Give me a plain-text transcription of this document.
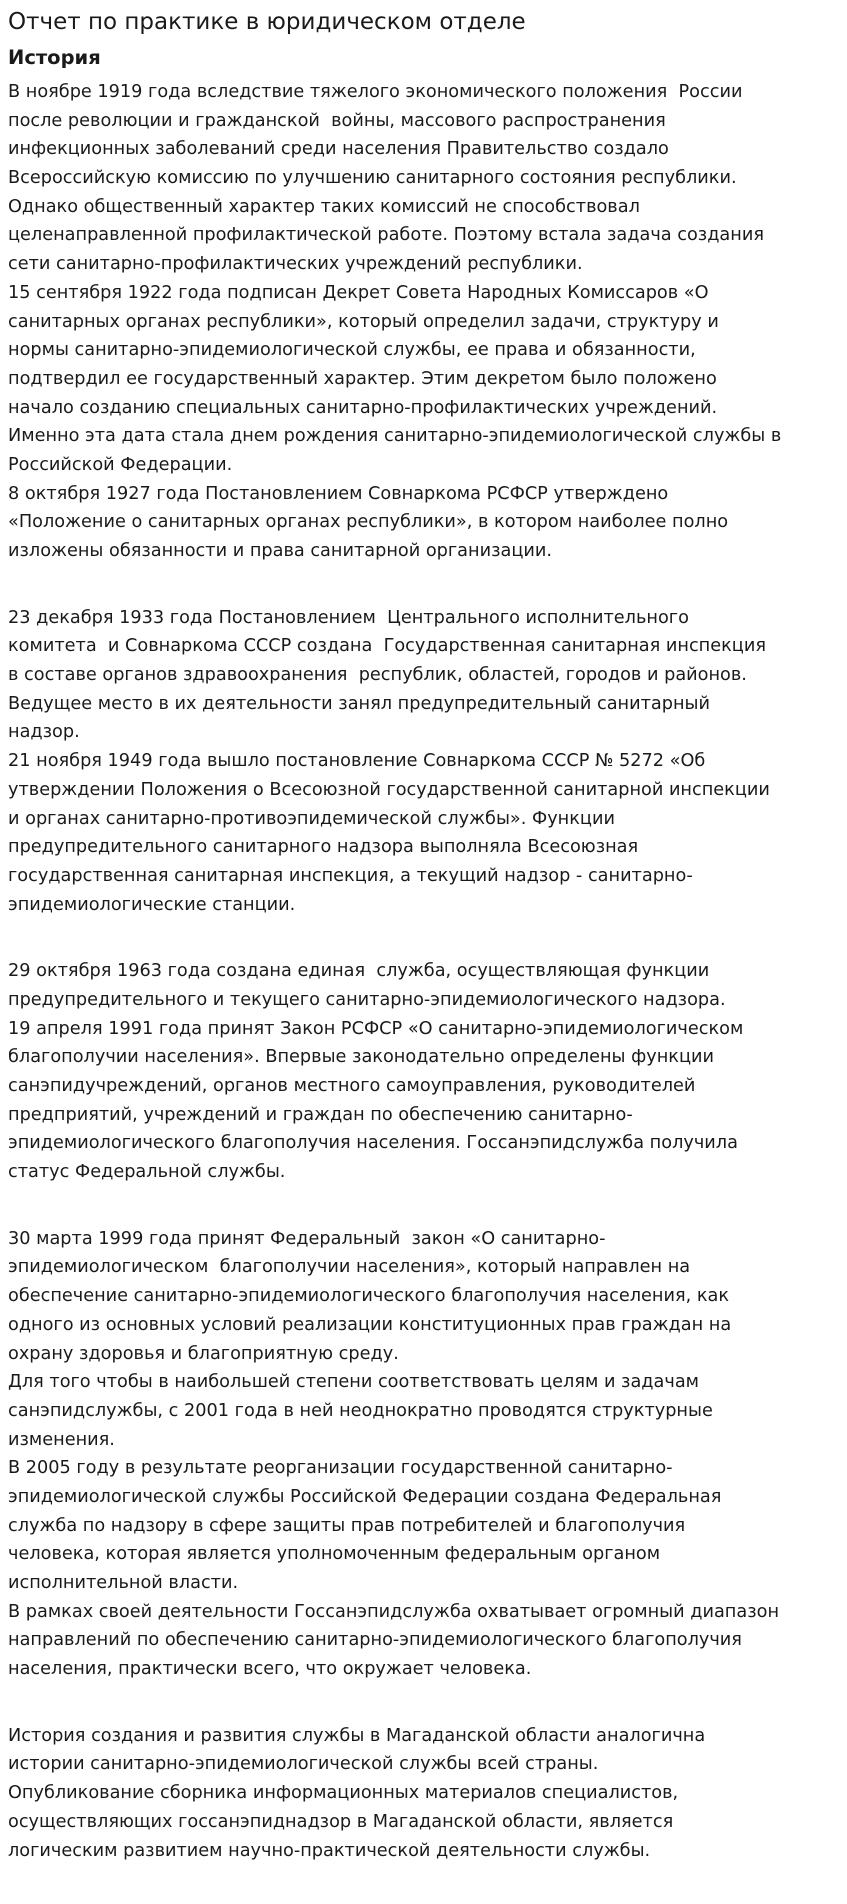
Отчет по практике в юридическом отделе
История
В ноябре 1919 года вследствие тяжелого экономического положения  России
после революции и гражданской  войны, массового распространения
инфекционных заболеваний среди населения Правительство создало
Всероссийскую комиссию по улучшению санитарного состояния республики.
Однако общественный характер таких комиссий не способствовал
целенаправленной профилактической работе. Поэтому встала задача создания
сети санитарно-профилактических учреждений республики.
15 сентября 1922 года подписан Декрет Совета Народных Комиссаров «О
санитарных органах республики», который определил задачи, структуру и
нормы санитарно-эпидемиологической службы, ее права и обязанности,
подтвердил ее государственный характер. Этим декретом было положено
начало созданию специальных санитарно-профилактических учреждений.
Именно эта дата стала днем рождения санитарно-эпидемиологической службы в
Российской Федерации.
8 октября 1927 года Постановлением Совнаркома РСФСР утверждено
«Положение о санитарных органах республики», в котором наиболее полно
изложены обязанности и права санитарной организации.
23 декабря 1933 года Постановлением  Центрального исполнительного
комитета  и Совнаркома СССР создана  Государственная санитарная инспекция
в составе органов здравоохранения  республик, областей, городов и районов.
Ведущее место в их деятельности занял предупредительный санитарный
надзор.
21 ноября 1949 года вышло постановление Совнаркома СССР № 5272 «Об
утверждении Положения о Всесоюзной государственной санитарной инспекции
и органах санитарно-противоэпидемической службы». Функции
предупредительного санитарного надзора выполняла Всесоюзная
государственная санитарная инспекция, а текущий надзор - санитарно-
эпидемиологические станции.
29 октября 1963 года создана единая  служба, осуществляющая функции
предупредительного и текущего санитарно-эпидемиологического надзора.
19 апреля 1991 года принят Закон РСФСР «О санитарно-эпидемиологическом
благополучии населения». Впервые законодательно определены функции
санэпидучреждений, органов местного самоуправления, руководителей
предприятий, учреждений и граждан по обеспечению санитарно-
эпидемиологического благополучия населения. Госсанэпидслужба получила
статус Федеральной службы.
30 марта 1999 года принят Федеральный  закон «О санитарно-
эпидемиологическом  благополучии населения», который направлен на
обеспечение санитарно-эпидемиологического благополучия населения, как
одного из основных условий реализации конституционных прав граждан на
охрану здоровья и благоприятную среду.
Для того чтобы в наибольшей степени соответствовать целям и задачам
санэпидслужбы, с 2001 года в ней неоднократно проводятся структурные
изменения.
В 2005 году в результате реорганизации государственной санитарно-
эпидемиологической службы Российской Федерации создана Федеральная
служба по надзору в сфере защиты прав потребителей и благополучия
человека, которая является уполномоченным федеральным органом
исполнительной власти.
В рамках своей деятельности Госсанэпидслужба охватывает огромный диапазон
направлений по обеспечению санитарно-эпидемиологического благополучия
населения, практически всего, что окружает человека.
История создания и развития службы в Магаданской области аналогична
истории санитарно-эпидемиологической службы всей страны.
Опубликование сборника информационных материалов специалистов,
осуществляющих госсанэпиднадзор в Магаданской области, является
логическим развитием научно-практической деятельности службы.
